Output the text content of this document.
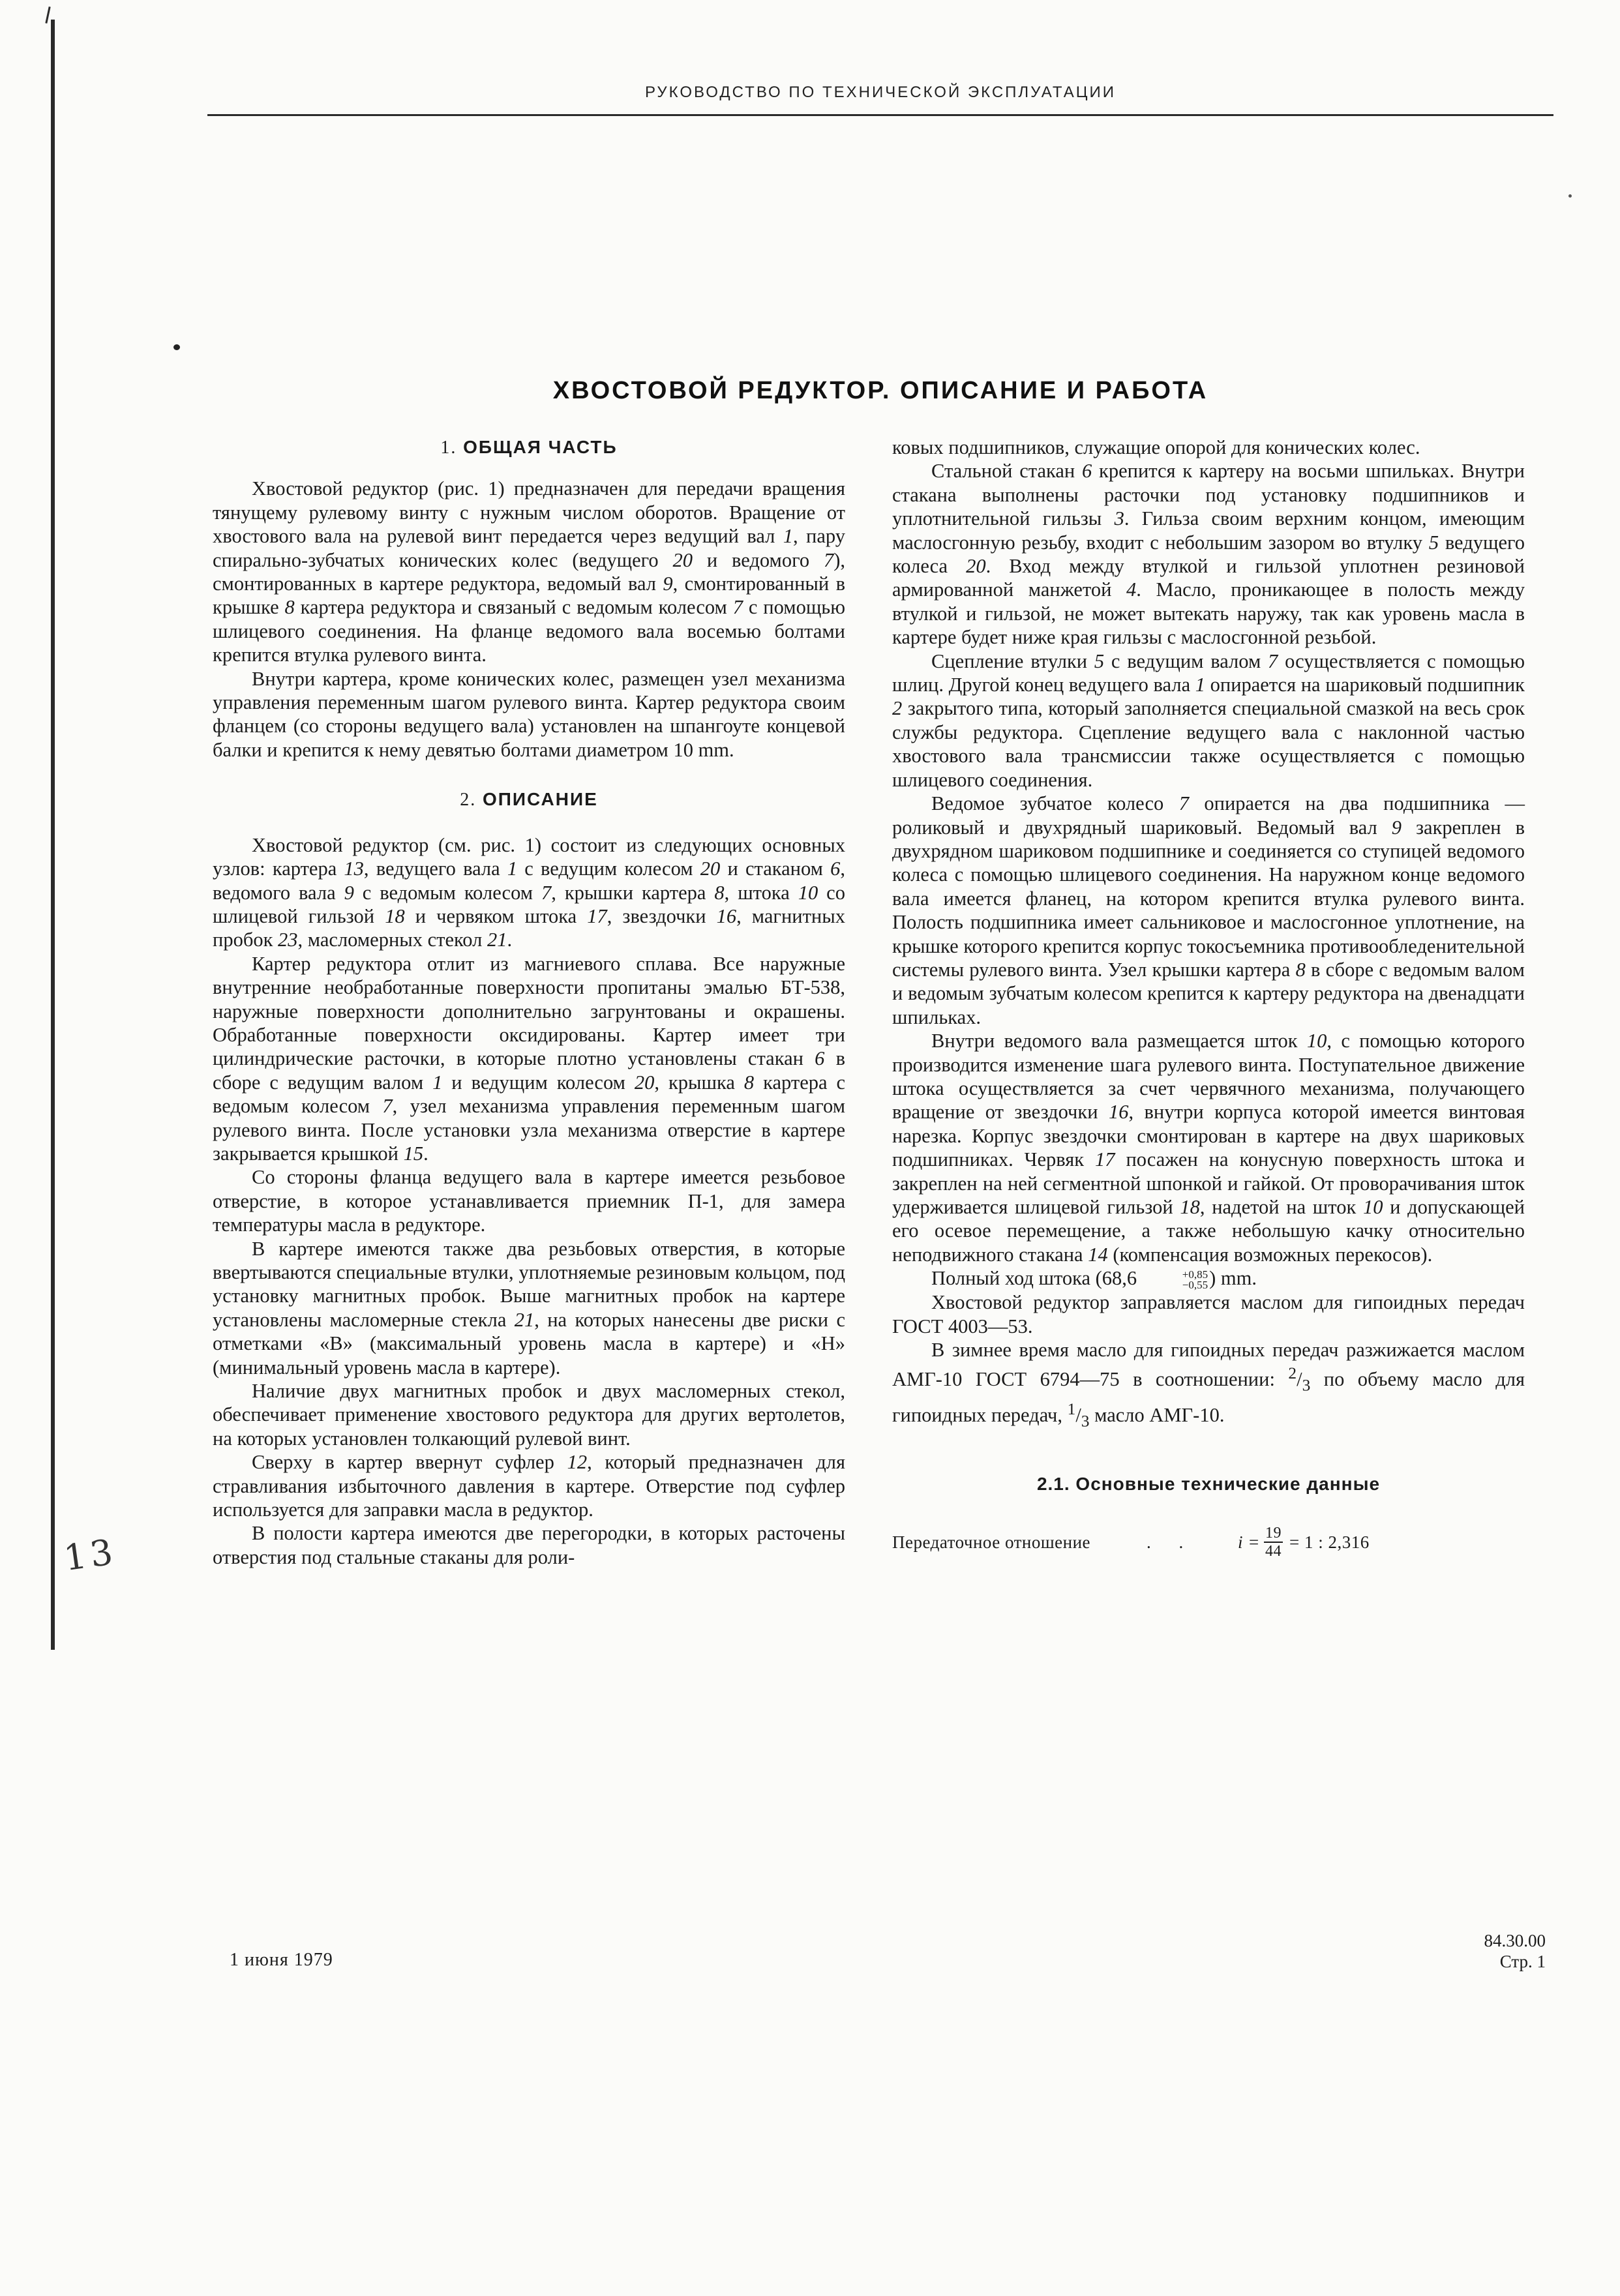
РУКОВОДСТВО ПО ТЕХНИЧЕСКОЙ ЭКСПЛУАТАЦИИ
13
ХВОСТОВОЙ РЕДУКТОР. ОПИСАНИЕ И РАБОТА
1. ОБЩАЯ ЧАСТЬ

Хвостовой редуктор (рис. 1) предназначен для передачи вращения тянущему рулевому винту с нужным числом оборотов. Вращение от хвостового вала на рулевой винт передается через ведущий вал 1, пару спирально-зубчатых конических колес (ведущего 20 и ведомого 7), смонтированных в картере редуктора, ведомый вал 9, смонтированный в крышке 8 картера редуктора и связаный с ведомым колесом 7 с помощью шлицевого соединения. На фланце ведомого вала восемью болтами крепится втулка рулевого винта.

Внутри картера, кроме конических колес, размещен узел механизма управления переменным шагом рулевого винта. Картер редуктора своим фланцем (со стороны ведущего вала) установлен на шпангоуте концевой балки и крепится к нему девятью болтами диаметром 10 mm.

2. ОПИСАНИЕ

Хвостовой редуктор (см. рис. 1) состоит из следующих основных узлов: картера 13, ведущего вала 1 с ведущим колесом 20 и стаканом 6, ведомого вала 9 с ведомым колесом 7, крышки картера 8, штока 10 со шлицевой гильзой 18 и червяком штока 17, звездочки 16, магнитных пробок 23, масломерных стекол 21.

Картер редуктора отлит из магниевого сплава. Все наружные внутренние необработанные поверхности пропитаны эмалью БТ-538, наружные поверхности дополнительно загрунтованы и окрашены. Обработанные поверхности оксидированы. Картер имеет три цилиндрические расточки, в которые плотно установлены стакан 6 в сборе с ведущим валом 1 и ведущим колесом 20, крышка 8 картера с ведомым колесом 7, узел механизма управления переменным шагом рулевого винта. После установки узла механизма отверстие в картере закрывается крышкой 15.

Со стороны фланца ведущего вала в картере имеется резьбовое отверстие, в которое устанавливается приемник П-1, для замера температуры масла в редукторе.

В картере имеются также два резьбовых отверстия, в которые ввертываются специальные втулки, уплотняемые резиновым кольцом, под установку магнитных пробок. Выше магнитных пробок на картере установлены масломерные стекла 21, на которых нанесены две риски с отметками «В» (максимальный уровень масла в картере) и «Н» (минимальный уровень масла в картере).

Наличие двух магнитных пробок и двух масломерных стекол, обеспечивает применение хвостового редуктора для других вертолетов, на которых установлен толкающий рулевой винт.

Сверху в картер ввернут суфлер 12, который предназначен для стравливания избыточного давления в картере. Отверстие под суфлер используется для заправки масла в редуктор.

В полости картера имеются две перегородки, в которых расточены отверстия под стальные стаканы для роли-

ковых подшипников, служащие опорой для конических колес.

Стальной стакан 6 крепится к картеру на восьми шпильках. Внутри стакана выполнены расточки под установку подшипников и уплотнительной гильзы 3. Гильза своим верхним концом, имеющим маслосгонную резьбу, входит с небольшим зазором во втулку 5 ведущего колеса 20. Вход между втулкой и гильзой уплотнен резиновой армированной манжетой 4. Масло, проникающее в полость между втулкой и гильзой, не может вытекать наружу, так как уровень масла в картере будет ниже края гильзы с маслосгонной резьбой.

Сцепление втулки 5 с ведущим валом 7 осуществляется с помощью шлиц. Другой конец ведущего вала 1 опирается на шариковый подшипник 2 закрытого типа, который заполняется специальной смазкой на весь срок службы редуктора. Сцепление ведущего вала с наклонной частью хвостового вала трансмиссии также осуществляется с помощью шлицевого соединения.

Ведомое зубчатое колесо 7 опирается на два подшипника — роликовый и двухрядный шариковый. Ведомый вал 9 закреплен в двухрядном шариковом подшипнике и соединяется со ступицей ведомого колеса с помощью шлицевого соединения. На наружном конце ведомого вала имеется фланец, на котором крепится втулка рулевого винта. Полость подшипника имеет сальниковое и маслосгонное уплотнение, на крышке которого крепится корпус токосъемника противообледенительной системы рулевого винта. Узел крышки картера 8 в сборе с ведомым валом и ведомым зубчатым колесом крепится к картеру редуктора на двенадцати шпильках.

Внутри ведомого вала размещается шток 10, с помощью которого производится изменение шага рулевого винта. Поступательное движение штока осуществляется за счет червячного механизма, получающего вращение от звездочки 16, внутри корпуса которой имеется винтовая нарезка. Корпус звездочки смонтирован в картере на двух шариковых подшипниках. Червяк 17 посажен на конусную поверхность штока и закреплен на ней сегментной шпонкой и гайкой. От проворачивания шток удерживается шлицевой гильзой 18, надетой на шток 10 и допускающей его осевое перемещение, а также небольшую качку относительно неподвижного стакана 14 (компенсация возможных перекосов).

Полный ход штока (68,6	+0,85
−0,55 ) mm.

Хвостовой редуктор заправляется маслом для гипоидных передач ГОСТ 4003—53.

В зимнее время масло для гипоидных передач разжижается маслом АМГ-10 ГОСТ 6794—75 в соотношении: $^2/_3$ по объему масло для гипоидных передач, $^1/_3$ масло АМГ-10.

2.1. Основные технические данные
Передаточное отношение	. .	$i = \frac{19}{44} = 1$ : 2,316
1 июня 1979
84.30.00
Стр. 1
